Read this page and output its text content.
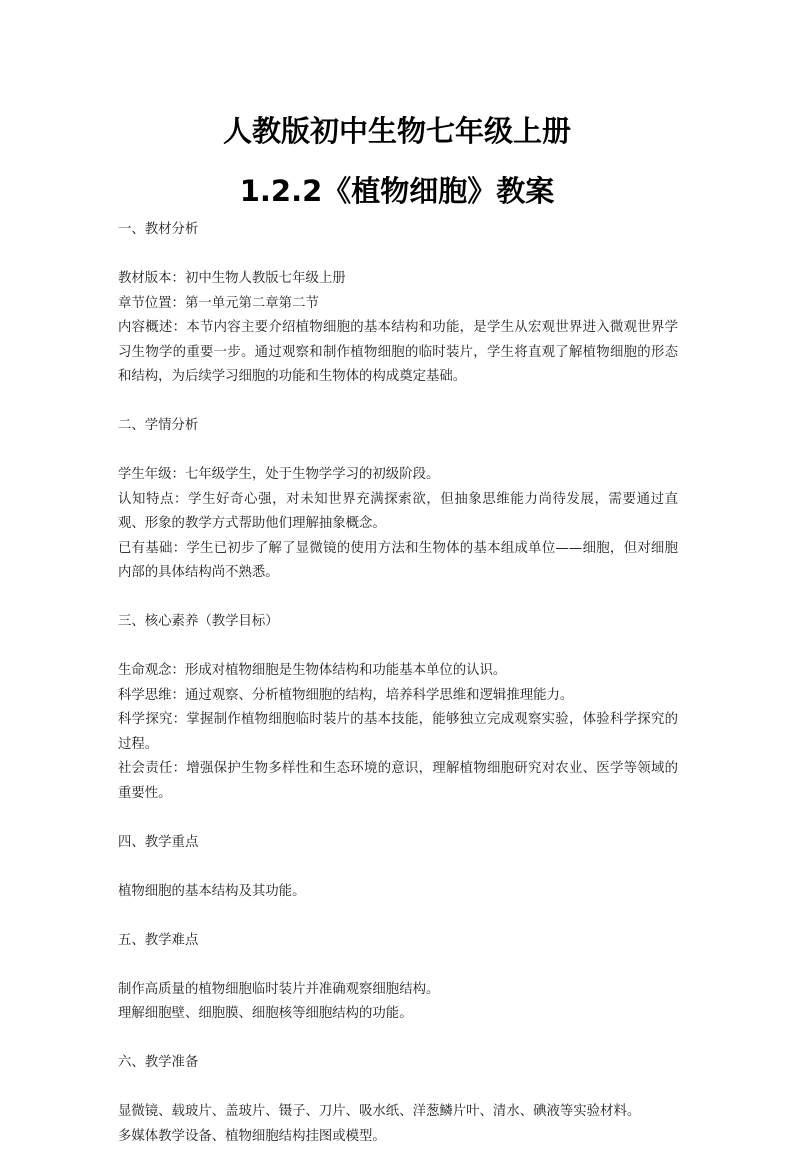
人教版初中生物七年级上册
1.2.2《植物细胞》教案
一、教材分析

教材版本：初中生物人教版七年级上册

章节位置：第一单元第二章第二节

内容概述：本节内容主要介绍植物细胞的基本结构和功能，是学生从宏观世界进入微观世界学习生物学的重要一步。通过观察和制作植物细胞的临时装片，学生将直观了解植物细胞的形态和结构，为后续学习细胞的功能和生物体的构成奠定基础。

二、学情分析

学生年级：七年级学生，处于生物学学习的初级阶段。

认知特点：学生好奇心强，对未知世界充满探索欲，但抽象思维能力尚待发展，需要通过直观、形象的教学方式帮助他们理解抽象概念。

已有基础：学生已初步了解了显微镜的使用方法和生物体的基本组成单位——细胞，但对细胞内部的具体结构尚不熟悉。

三、核心素养（教学目标）

生命观念：形成对植物细胞是生物体结构和功能基本单位的认识。

科学思维：通过观察、分析植物细胞的结构，培养科学思维和逻辑推理能力。

科学探究：掌握制作植物细胞临时装片的基本技能，能够独立完成观察实验，体验科学探究的过程。

社会责任：增强保护生物多样性和生态环境的意识，理解植物细胞研究对农业、医学等领域的重要性。

四、教学重点

植物细胞的基本结构及其功能。

五、教学难点

制作高质量的植物细胞临时装片并准确观察细胞结构。

理解细胞壁、细胞膜、细胞核等细胞结构的功能。

六、教学准备

显微镜、载玻片、盖玻片、镊子、刀片、吸水纸、洋葱鳞片叶、清水、碘液等实验材料。

多媒体教学设备、植物细胞结构挂图或模型。
